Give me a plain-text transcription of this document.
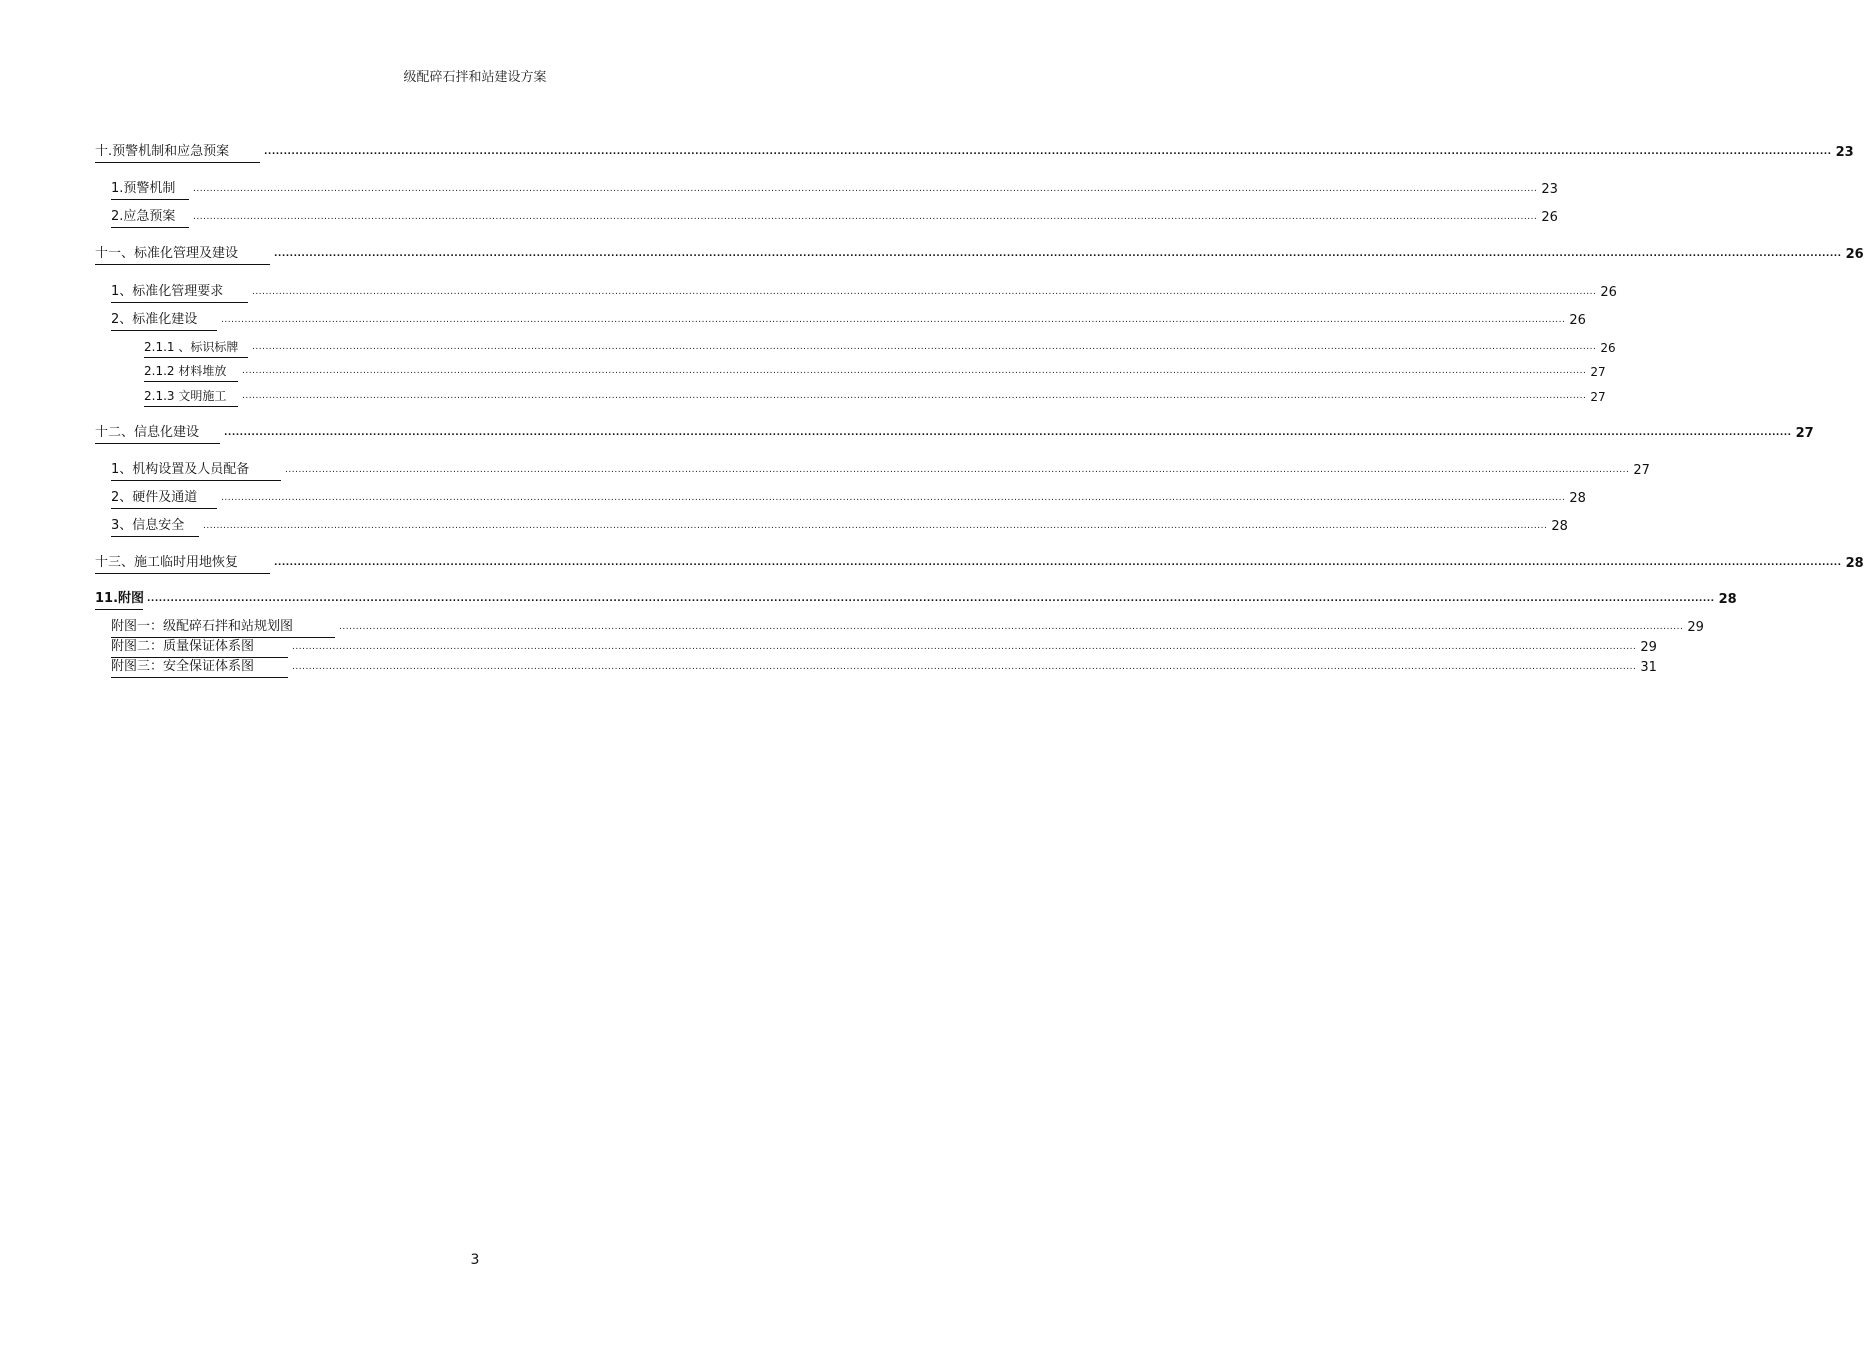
级配碎石拌和站建设方案
十.预警机制和应急预案	................................................................................................................................................................................................................................................................................................................................................................................................................ 23
1.预警机制	................................................................................................................................................................................................................................................................................................................................................................................................................ 23
2.应急预案	................................................................................................................................................................................................................................................................................................................................................................................................................ 26
十一、标准化管理及建设	................................................................................................................................................................................................................................................................................................................................................................................................................ 26
1、标准化管理要求	................................................................................................................................................................................................................................................................................................................................................................................................................ 26
2、标准化建设	................................................................................................................................................................................................................................................................................................................................................................................................................ 26
2.1.1 、标识标牌	................................................................................................................................................................................................................................................................................................................................................................................................................ 26
2.1.2 材料堆放	................................................................................................................................................................................................................................................................................................................................................................................................................ 27
2.1.3 文明施工	................................................................................................................................................................................................................................................................................................................................................................................................................ 27
十二、信息化建设	................................................................................................................................................................................................................................................................................................................................................................................................................ 27
1、机构设置及人员配备	................................................................................................................................................................................................................................................................................................................................................................................................................ 27
2、硬件及通道	................................................................................................................................................................................................................................................................................................................................................................................................................ 28
3、信息安全	................................................................................................................................................................................................................................................................................................................................................................................................................ 28
十三、施工临时用地恢复	................................................................................................................................................................................................................................................................................................................................................................................................................ 28
11.附图 ................................................................................................................................................................................................................................................................................................................................................................................................................ 28
附图一：级配碎石拌和站规划图	................................................................................................................................................................................................................................................................................................................................................................................................................ 29
附图二：质量保证体系图	................................................................................................................................................................................................................................................................................................................................................................................................................ 29
附图三：安全保证体系图	................................................................................................................................................................................................................................................................................................................................................................................................................ 31
3
